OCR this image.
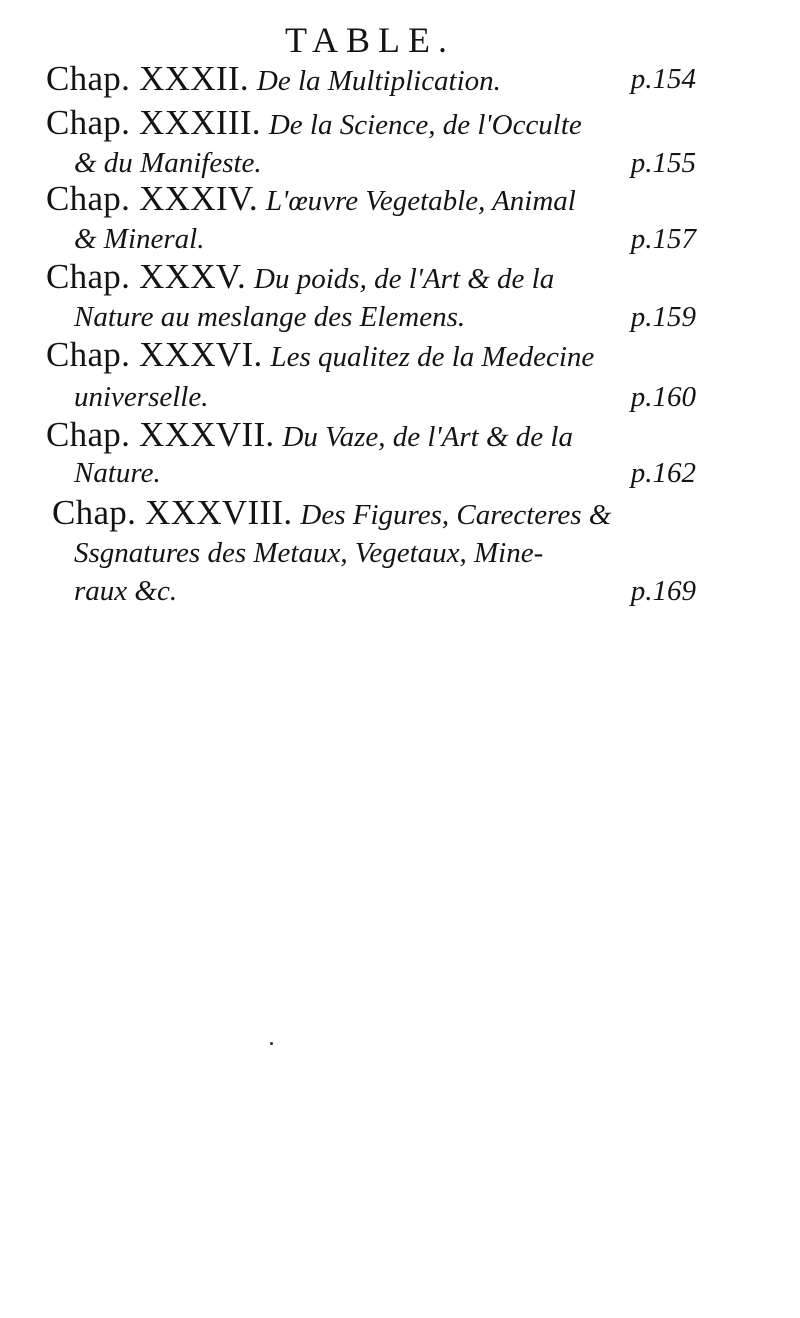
TABLE.
Chap. XXXII. De la Multiplication.	p.154
Chap. XXXIII. De la Science, de l'Occulte
& du Manifeste.	p.155
Chap. XXXIV. L'œuvre Vegetable, Animal
& Mineral.	p.157
Chap. XXXV. Du poids, de l'Art & de la
Nature au meslange des Elemens.	p.159
Chap. XXXVI. Les qualitez de la Medecine
universelle.	p.160
Chap. XXXVII. Du Vaze, de l'Art & de la
Nature.	p.162
Chap. XXXVIII. Des Figures, Carecteres &
Ssgnatures des Metaux, Vegetaux, Mine-
raux &c.	p.169
